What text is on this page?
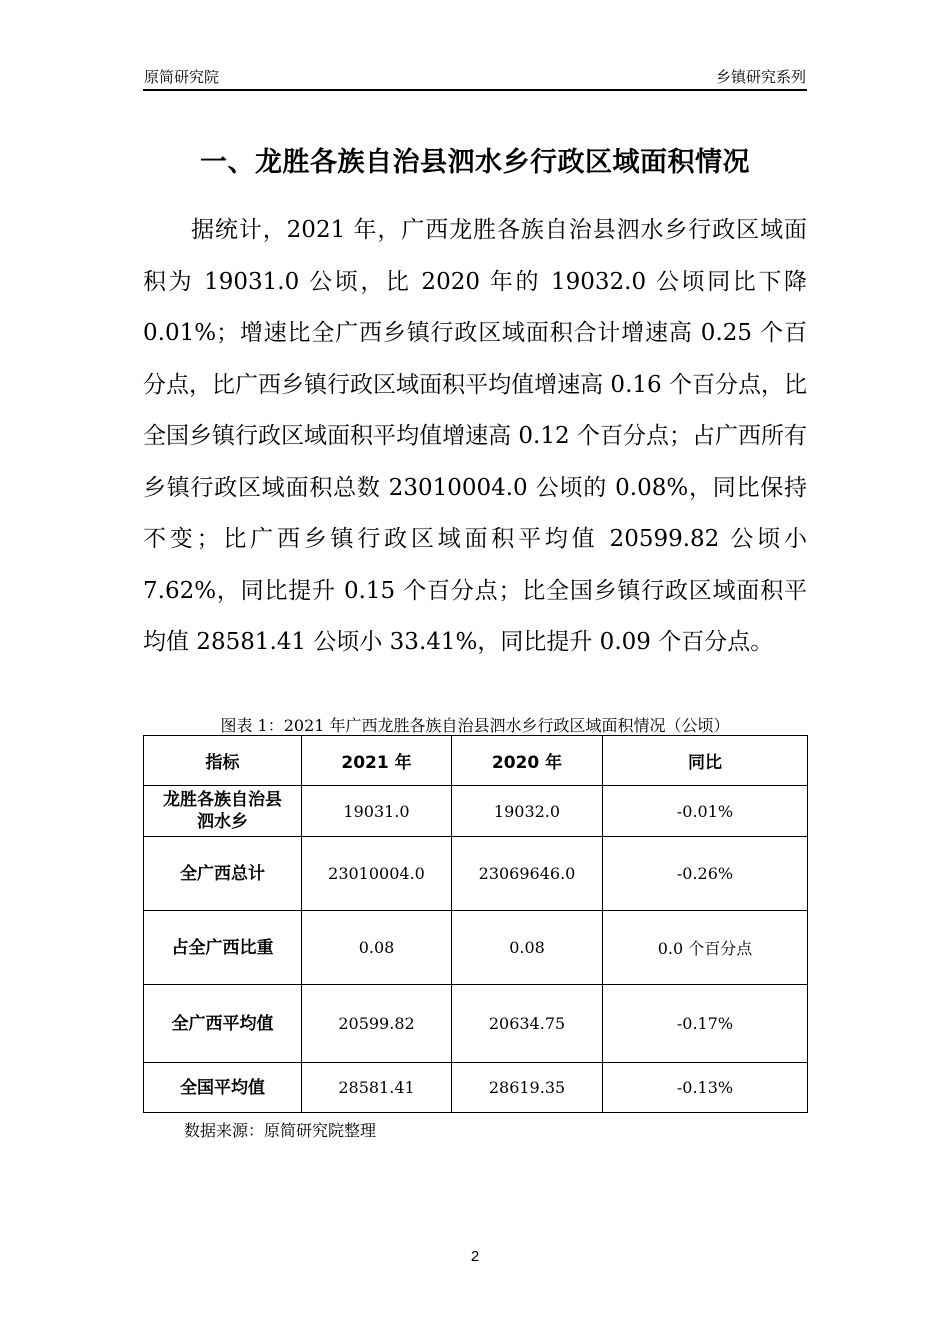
原简研究院	乡镇研究系列
一、龙胜各族自治县泗水乡行政区域面积情况

据统计，2021 年，广西龙胜各族自治县泗水乡行政区域面积为 19031.0 公顷，比 2020 年的 19032.0 公顷同比下降 0.01%；增速比全广西乡镇行政区域面积合计增速高 0.25 个百分点，比广西乡镇行政区域面积平均值增速高 0.16 个百分点，比全国乡镇行政区域面积平均值增速高 0.12 个百分点；占广西所有乡镇行政区域面积总数 23010004.0 公顷的 0.08%，同比保持不变；比广西乡镇行政区域面积平均值 20599.82 公顷小 7.62%，同比提升 0.15 个百分点；比全国乡镇行政区域面积平均值 28581.41 公顷小 33.41%，同比提升 0.09 个百分点。

图表 1：2021 年广西龙胜各族自治县泗水乡行政区域面积情况（公顷）
指标	2021 年	2020 年	同比
龙胜各族自治县泗水乡	19031.0	19032.0	-0.01%
全广西总计	23010004.0	23069646.0	-0.26%
占全广西比重	0.08	0.08	0.0 个百分点
全广西平均值	20599.82	20634.75	-0.17%
全国平均值	28581.41	28619.35	-0.13%
数据来源：原简研究院整理
2
